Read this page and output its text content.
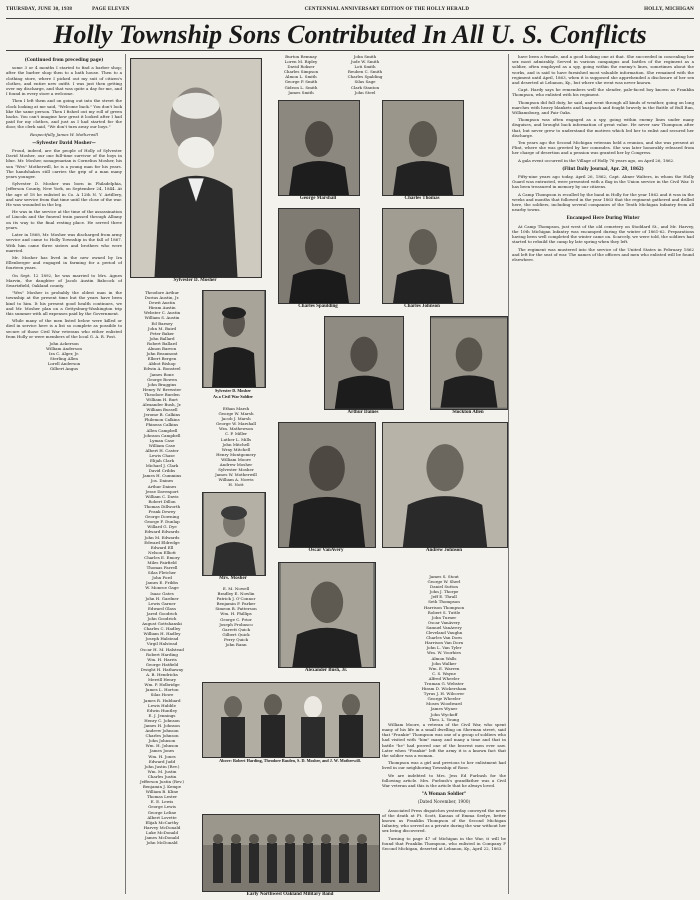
THURSDAY, JUNE 30, 1938	PAGE ELEVEN	CENTENNIAL ANNIVERSARY EDITION OF THE HOLLY HERALD	HOLLY, MICHIGAN
Holly Township Sons Contributed In All U. S. Conflicts
(Continued from preceding page)

some 3 or 4 months I started to find a barber shop; after the barber shop then to a bath house. Then to a clothing store, where I picked out my suit of citizen's clothes, and entire new outfit. I was just then getting over my discharge, and that was quite a day for me, and I found in every store a welcome.

Then I left them and on going out into the street the clock looking at me said, "Welcome back." You don't look like the same person. Then I fished out my roll of green backs. You can't imagine how great it looked after I had paid for my clothes, and just as I had started for the door, the clerk said, "We don't turn away our boys."

Respectfully James W. Motherwill
—Sylvester David Mosher—

Proud, indeed, are the people of Holly of Sylvester David Mosher, our one full-time survivor of the boys in blue. Mr. Mosher, nonagenarian is Cornelius Mosher, his son "Wes" Motherwill, he is a young man for his years. The handshakes still carries the grip of a man many years younger.

Sylvester D. Mosher was born in Philadelphia, Jefferson County, New York, on September 24, 1844. At the age of 18 he enlisted in Co. A 12th N. Y. Artillery, and saw service from that time until the close of the war. He was wounded in the leg.

He was in the service at the time of the assassination of Lincoln and the funeral train passed through Albany on its way to the final resting place. He served three years.

Later in 1868, Mr. Mosher was discharged from army service and came to Holly Township in the fall of 1867. With him came three sisters and brothers who were married.

Mr. Mosher has lived in the new owned by Ira Ellenberger and engaged in farming for a period of fourteen years.

On Sept. 12 1892, he was married to Mrs. Agnes Marvin, the daughter of Jacob Austin Babcock of Swartzfield, Oakland county.

"Wes" Mosher is probably the oldest man in the township at the present time but the years have been kind to him. It his present good health continues, we and Mr. Mosher plan on a Gettysburg-Washington trip this summer with all expenses paid by the Government.

While many of the men listed below were killed or died in service here is a list so complete as possible to secure of those Civil War veterans who either enlisted from Holly or were members of the local G. A. R. Post.

John Ackerson
William Anderson
Ira C. Alger, Jr.
Sterling Allen
Lorell Anderson
Gilbert Angus
Sylvester D. Mosher
Theodore Arthur
Dorius Austin, Jr.
Dewit Austin
Hiram Austin
Webster C. Austin
William S. Austin
Ed Barney
John M. Baird
Peter Baker
John Ballard
Robert Ballard
Almon Barron
John Beaumont
Elbert Bergen
Abbot Bishop
Edwin A. Bonsteel
James Bone
George Bowen
John Braggins
Henry W. Brewster
Theodore Burden
William H. Burt
Alexander Bush, Jr.
William Bussell
Jerome B. Calkins
Philemon Calkins
Phineas Calkins
Allen Campbell
Johnson Campbell
Lyman Case
William Case
Albert H. Caster
Lewis Chase
Elijah Clark
Michael J. Clark
David Cribbs
James H. Cummins
Jos. Daines
Arthur Daines
Jesse Davenport
William C. Davis
Robert Dillon
Thomas Dillworth
Frank Dewey
George Downing
George F. Dunlap
Willard G. Dye
Edward Edwards
John M. Edwards
Edward Eldredge
Edward Ell
Nelson Elliott
Charles E. Emory
Miles Fairfield
Thomas Farrell
Silas Fletcher
John Ford
James E. Fribbs
W. Monroe Gage
Isaac Gates
John H. Gardner
Lewis Garner
Edward Glass
Jared Goodrich
John Goodrich
August Gottshanski
Charles C. Hadley
William H. Hadley
Joseph Halstead
Virgil Halstead
Oscar H. M. Halstead
Robert Harding
Wm. H. Harris
George Hatfield
Dwight H. Hathaway
A. B. Hendricks
Merrill Henry
Wm. P. Holbridge
James L. Horton
Silas Howe
James R. Hubbard
Lewis Hubble
Edwin Huntley
E. J. Jennings
Henry C. Johnson
James H. Johnson
Andrew Johnson
Charles Johnson
John Johnson
Wm. H. Johnson
James Jones
Wm. H. Jones
Edward Judd
John Justin (Rev.)
Wm. M. Justin
Charles Justin
Jefferson Justin (Rev.)
Benjamin J. Kempe
William B. Kline
Thomas Lester
E. E. Lewis
George Lewis
George Leline
Albert Lovette
Elijah McCarthy
Harvey McDonald
Luke McDonald
James McDonald
John McDonald
Sylvester D. Mosher
As a Civil War Soldier
Mrs. Mosher
Ethan Marsh
George W. Marsh
Jacob J. Marsh
George W. Marshall
Wm. Mathewson
C. P. Miller
Luther L. Mills
John Mitchell
Wray Mitchell
Henry Montgomery
William Moore
Andrew Mosher
Sylvester Mosher
James W. Motherwill
William A. Norris
H. Nott
E. M. Nowell
Bradley E. Nowlin
Patrick J. O'Connor
Benjamin F. Parker
Simeon B. Patterson
Wm. H. Phillips
George C. Prior
Joseph Probasco
Garrett Quick
Gilbert Quick
Perry Quick
John Rann
Burton Remnay
Loren M. Ripley
David Rokser
Charles Simpson
Almon L. Smith
George P. Smith
Gideon L. Smith
James Smith
John Smith
Jude W. Smith
Loti Smith
Reuben C. Smith
Charles Spalding
Silas Sage
Clark Stanton
John Steel
George Marshall	Charles Thomas
Charles Spaulding	Charles Johnson
Arthur Daines	Stockton Allen
Oscar VanAvery	Andrew Johnson
Alexander Bush, Jr.
Above: Robert Harding, Theodore Basden, S. D. Mosher, and J. W. Motherwill.
Early Northwest Oakland Military Band
James S. Stout
George W. Sherl
Daniel Sutton
John J. Thorpe
Jeff E. Thrall
Seth Thompson
Harrison Thompson
Robert S. Tuttle
John Turner
Oscar VanAvery
Samuel VanAvery
Cleveland Vaughn
Charles Van Dorn
Harrison Van Dorn
John L. Van Tyler
Wm. W. Voorhies
Almon Walls
John Walker
Wm. E. Warren
C. S. Wayne
Alfred Wheeler
Truman G. Webster
Hiram D. Wickersham
Tyrus J. H. Wilcover
George Wheeler
Moses Woodward
James Wyner
John Wyckoff
Theo. L. Young

William Moore, a veteran of the Civil War, who spent many of his life in a small dwelling on Sherman street, said that "Frankie" Thompson was one of a group of soldiers who had visited with "him" many and many a time and that in battle "he" had proved one of the bravest men ever saw. Later when "Frankie" left the army it is a known fact that the soldier was a woman.

Thompson was a girl and previous to her enlistment had lived in our neighboring Township of Rose.

We are indebted to Mrs. Jess Ed Furbush for the following article. Mrs. Furbush's grandfather was a Civil War veteran and this is the article that he always loved.

"A Woman Soldier"
(Dated November, 1900)

Associated Press dispatches yesterday conveyed the news of the death at Ft. Scott, Kansas of Emma Seelye, better known as Franklin Thompson of the Second Michigan Infantry, who served as a private during the war without her sex being discovered.

Turning to page 47 of Michigan in the War, it will be found that Franklin Thompson, who enlisted in Company F Second Michigan, deserted at Lebanon, Ky., April 22, 1863.

have been a female, and a good looking one at that. She succeeded in concealing her sex most admirably. Served in various campaigns and battles of the regiment as a soldier, often employed as a spy, going within the enemy's lines, sometimes about the works, and is said to have furnished most valuable information. She remained with the regiment until April, 1863, when it is supposed she apprehended a disclosure of her sex and deserted at Lebanon, Ky., but where she went was never known.

Capt. Hardy says he remembers well the slender, pale-faced boy known as Franklin Thompson, who enlisted with his regiment.

Thompson did full duty, he said, and went through all kinds of weather, going on long marches with heavy blankets and knapsack and fought bravely in the Battle of Bull Run, Williamsburg, and Fair Oaks.

Thompson was often engaged as a spy, going within enemy lines under many disguises, and brought back information of great value. He never saw Thompson after that, but never grew to understand the motives which led her to enlist and secured her discharge.

Ten years ago the Second Michigan veterans held a reunion, and she was present at Flint, where she was greeted by her comrades. She was later honorably released from her charge of desertion and a pension was granted her by Congress.

A gala event occurred in the Village of Holly 76 years ago, on April 26, 1862.

(Flint Daily Journal, Apr. 28, 1862)

Fifty-nine years ago today, April 26, 1862, Capt. Abner Walters, in whom the Holly Guard was entrusted, were presented with a flag in the Union service in the Civil War. It has been treasured in memory by our citizens.

A Camp Thompson is recalled by the band in Holly for the year 1862 and it was in the weeks and months that followed in the year 1863 that the regiment gathered and drilled here, the soldiers, including several companies of the Tenth Michigan Infantry from all nearby towns.

Encamped Here During Winter

At Camp Thompson, just west of the old cemetery on Stoddard St., and Mr. Harvey, the 10th Michigan Infantry was encamped during the winter of 1861-62. Preparations having been well completed the winter came on. Scarcely, we were told, the soldiers had started to rebuild the camp by late spring when they left.

The regiment was mustered into the service of the United States in February 1862 and left for the seat of war. The names of the officers and men who enlisted will be found elsewhere.
